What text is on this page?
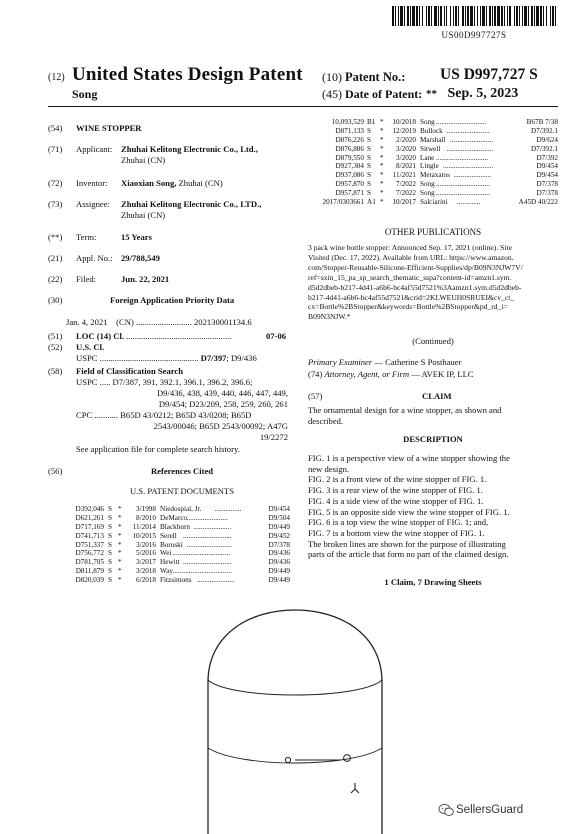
US00D997727S
(12) United States Design Patent
Song
(10) Patent No.: US D997,727 S
(45) Date of Patent: ** Sep. 5, 2023
(54) WINE STOPPER
(71) Applicant: Zhuhai Kelitong Electronic Co., Ltd.,
Zhuhai (CN)
(72) Inventor: Xiaoxian Song, Zhuhai (CN)
(73) Assignee: Zhuhai Kelitong Electronic Co., LTD.,
Zhuhai (CN)
(**) Term:	15 Years
(21) Appl. No.: 29/788,549
(22) Filed:	Jun. 22, 2021
(30)	Foreign Application Priority Data
Jan. 4, 2021 (CN) .......................... 202130001134.6
(51) LOC (14) Cl. .................................................	07-06
(52) U.S. Cl.
USPC .............................................. D7/397; D9/436
(58) Field of Classification Search
USPC ..... D7/387, 391, 392.1, 396.1, 396.2, 396.6;
D9/436, 438, 439, 440, 446, 447, 449,
D9/454; D23/209, 258, 259, 260, 261
CPC ........... B65D 43/0212; B65D 43/0208; B65D
2543/00046; B65D 2543/00092; A47G
19/2272
See application file for complete search history.
(56)	References Cited
U.S. PATENT DOCUMENTS
D392,046 S *	3/1998 Niedospial, Jr. ...............	D9/454
D621,261 S *	8/2010 DeMarco .......................	D9/504
D717,169 S *	11/2014 Blackburn .....................	D9/449
D741,713 S *	10/2015 Serell ...........................	D9/452
D751,337 S *	3/2016 Boroski .........................	D7/378
D756,772 S *	5/2016 Wei ................................	D9/436
D781,705 S *	3/2017 Hewitt ...........................	D9/436
D811,879 S *	3/2018 Way .................................	D9/449
D820,039 S *	6/2018 Fitzsimons .....................	D9/449
10,093,529 B1 *	10/2018 Song ............................	B67B 7/38
D871,133 S *	12/2019 Bullock ........................	D7/392.1
D876,226 S *	2/2020 Marshall ........................	D9/624
D876,886 S *	3/2020 Sitwell ..........................	D7/392.1
D879,550 S *	3/2020 Lane .............................	D7/392
D927,304 S *	8/2021 Lingle ............................	D9/454
D937,086 S *	11/2021 Metaxatos .....................	D9/454
D957,870 S *	7/2022 Song ..............................	D7/378
D957,871 S *	7/2022 Song ..............................	D7/378
2017/0303661 A1 *	10/2017 Salciarini .............	A45D 40/222
OTHER PUBLICATIONS
3 pack wine bottle stopper: Announced Sep. 17, 2021 (online). Site
Visited (Dec. 17, 2022). Available from URL: https://www.amazon.
com/Stopper-Reusable-Silicone-Efficient-Supplies/dp/B09N3NJW7V/
ref=sxin_15_pa_sp_search_thematic_sspa?content-id=amzn1.sym.
d5d2dbeb-b217-4d41-a6b6-bc4af55d7521%3Aamzn1.sym.d5d2dbeb-
b217-4d41-a6b6-bc4af55d7521&crid=2KLWEUH0SRUEI&cv_ct_
cx=Bottle%2BStopper&keywords=Bottle%2BStopper&pd_rd_i=
B09N3NJW.*
(Continued)
Primary Examiner — Catherine S Posthauer
(74) Attorney, Agent, or Firm — AVEK IP, LLC
(57)	CLAIM
The ornamental design for a wine stopper, as shown and
described.
DESCRIPTION
FIG. 1 is a perspective view of a wine stopper showing the
new design.
FIG. 2 is a front view of the wine stopper of FIG. 1.
FIG. 3 is a rear view of the wine stopper of FIG. 1.
FIG. 4 is a side view of the wine stopper of FIG. 1.
FIG. 5 is an opposite side view the wine stopper of FIG. 1.
FIG. 6 is a top view the wine stopper of FIG. 1; and,
FIG. 7 is a bottom view the wine stopper of FIG. 1.
The broken lines are shown for the purpose of illustrating
parts of the article that form no part of the claimed design.
1 Claim, 7 Drawing Sheets
SellersGuard
